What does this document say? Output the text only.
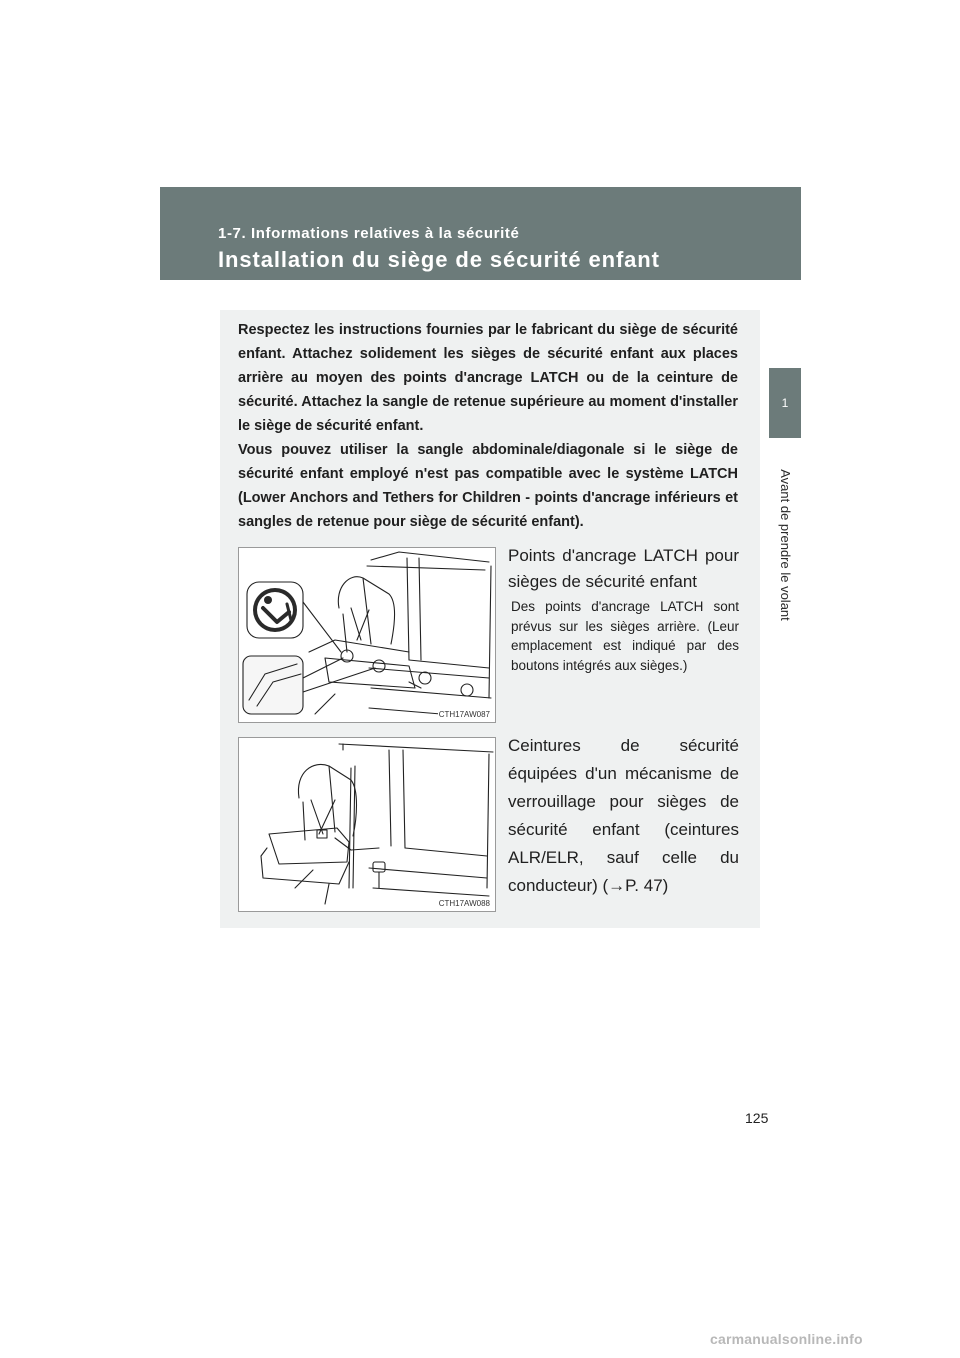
1-7. Informations relatives à la sécurité
Installation du siège de sécurité enfant
1
Avant de prendre le volant

Respectez les instructions fournies par le fabricant du siège de sécurité enfant. Attachez solidement les sièges de sécurité enfant aux places arrière au moyen des points d'ancrage LATCH ou de la ceinture de sécurité. Attachez la sangle de retenue supérieure au moment d'installer le siège de sécurité enfant.

Vous pouvez utiliser la sangle abdominale/diagonale si le siège de sécurité enfant employé n'est pas compatible avec le système LATCH (Lower Anchors and Tethers for Children - points d'ancrage inférieurs et sangles de retenue pour siège de sécurité enfant).

CTH17AW087

Points d'ancrage LATCH pour sièges de sécurité enfant

Des points d'ancrage LATCH sont prévus sur les sièges arrière. (Leur emplacement est indiqué par des boutons intégrés aux sièges.)

CTH17AW088

Ceintures de sécurité équipées d'un mécanisme de verrouillage pour sièges de sécurité enfant (ceintures ALR/ELR, sauf celle du conducteur) (→P. 47)

125
carmanualsonline.info
